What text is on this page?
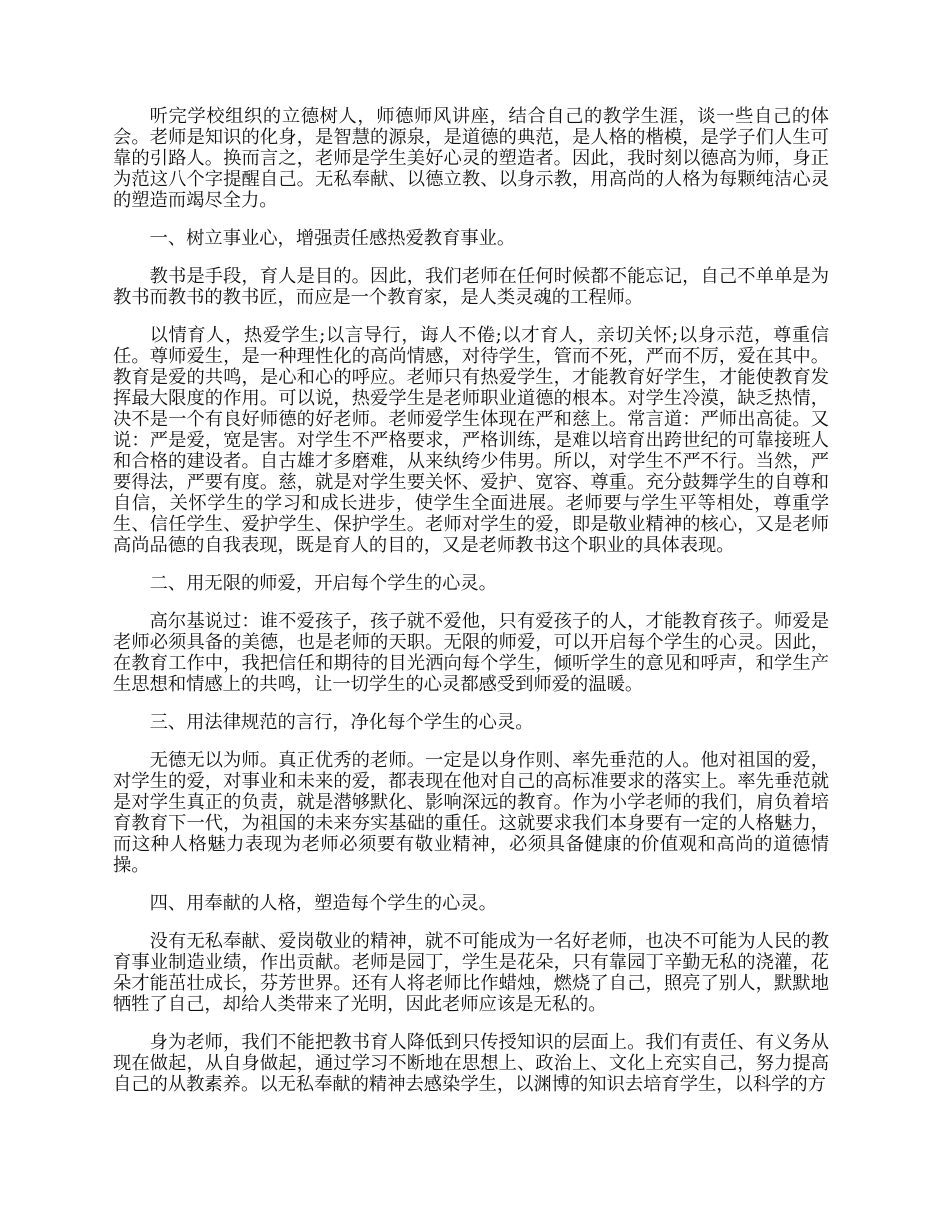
听完学校组织的立德树人，师德师风讲座，结合自己的教学生涯，谈一些自己的体会。老师是知识的化身，是智慧的源泉，是道德的典范，是人格的楷模，是学子们人生可靠的引路人。换而言之，老师是学生美好心灵的塑造者。因此，我时刻以德高为师，身正为范这八个字提醒自己。无私奉献、以德立教、以身示教，用高尚的人格为每颗纯洁心灵的塑造而竭尽全力。

一、树立事业心，增强责任感热爱教育事业。

教书是手段，育人是目的。因此，我们老师在任何时候都不能忘记，自己不单单是为教书而教书的教书匠，而应是一个教育家，是人类灵魂的工程师。

以情育人，热爱学生;以言导行，诲人不倦;以才育人，亲切关怀;以身示范，尊重信任。尊师爱生，是一种理性化的高尚情感，对待学生，管而不死，严而不厉，爱在其中。教育是爱的共鸣，是心和心的呼应。老师只有热爱学生，才能教育好学生，才能使教育发挥最大限度的作用。可以说，热爱学生是老师职业道德的根本。对学生冷漠，缺乏热情，决不是一个有良好师德的好老师。老师爱学生体现在严和慈上。常言道：严师出高徒。又说：严是爱，宽是害。对学生不严格要求，严格训练，是难以培育出跨世纪的可靠接班人和合格的建设者。自古雄才多磨难，从来纨绔少伟男。所以，对学生不严不行。当然，严要得法，严要有度。慈，就是对学生要关怀、爱护、宽容、尊重。充分鼓舞学生的自尊和自信，关怀学生的学习和成长进步，使学生全面进展。老师要与学生平等相处，尊重学生、信任学生、爱护学生、保护学生。老师对学生的爱，即是敬业精神的核心，又是老师高尚品德的自我表现，既是育人的目的，又是老师教书这个职业的具体表现。

二、用无限的师爱，开启每个学生的心灵。

高尔基说过：谁不爱孩子，孩子就不爱他，只有爱孩子的人，才能教育孩子。师爱是老师必须具备的美德，也是老师的天职。无限的师爱，可以开启每个学生的心灵。因此，在教育工作中，我把信任和期待的目光洒向每个学生，倾听学生的意见和呼声，和学生产生思想和情感上的共鸣，让一切学生的心灵都感受到师爱的温暖。

三、用法律规范的言行，净化每个学生的心灵。

无德无以为师。真正优秀的老师。一定是以身作则、率先垂范的人。他对祖国的爱，对学生的爱，对事业和未来的爱，都表现在他对自己的高标准要求的落实上。率先垂范就是对学生真正的负责，就是潜够默化、影响深远的教育。作为小学老师的我们，肩负着培育教育下一代，为祖国的未来夯实基础的重任。这就要求我们本身要有一定的人格魅力，而这种人格魅力表现为老师必须要有敬业精神，必须具备健康的价值观和高尚的道德情操。

四、用奉献的人格，塑造每个学生的心灵。

没有无私奉献、爱岗敬业的精神，就不可能成为一名好老师，也决不可能为人民的教育事业制造业绩，作出贡献。老师是园丁，学生是花朵，只有靠园丁辛勤无私的浇灌，花朵才能茁壮成长，芬芳世界。还有人将老师比作蜡烛，燃烧了自己，照亮了别人，默默地牺牲了自己，却给人类带来了光明，因此老师应该是无私的。

身为老师，我们不能把教书育人降低到只传授知识的层面上。我们有责任、有义务从现在做起，从自身做起，通过学习不断地在思想上、政治上、文化上充实自己，努力提高自己的从教素养。以无私奉献的精神去感染学生，以渊博的知识去培育学生，以科学的方
